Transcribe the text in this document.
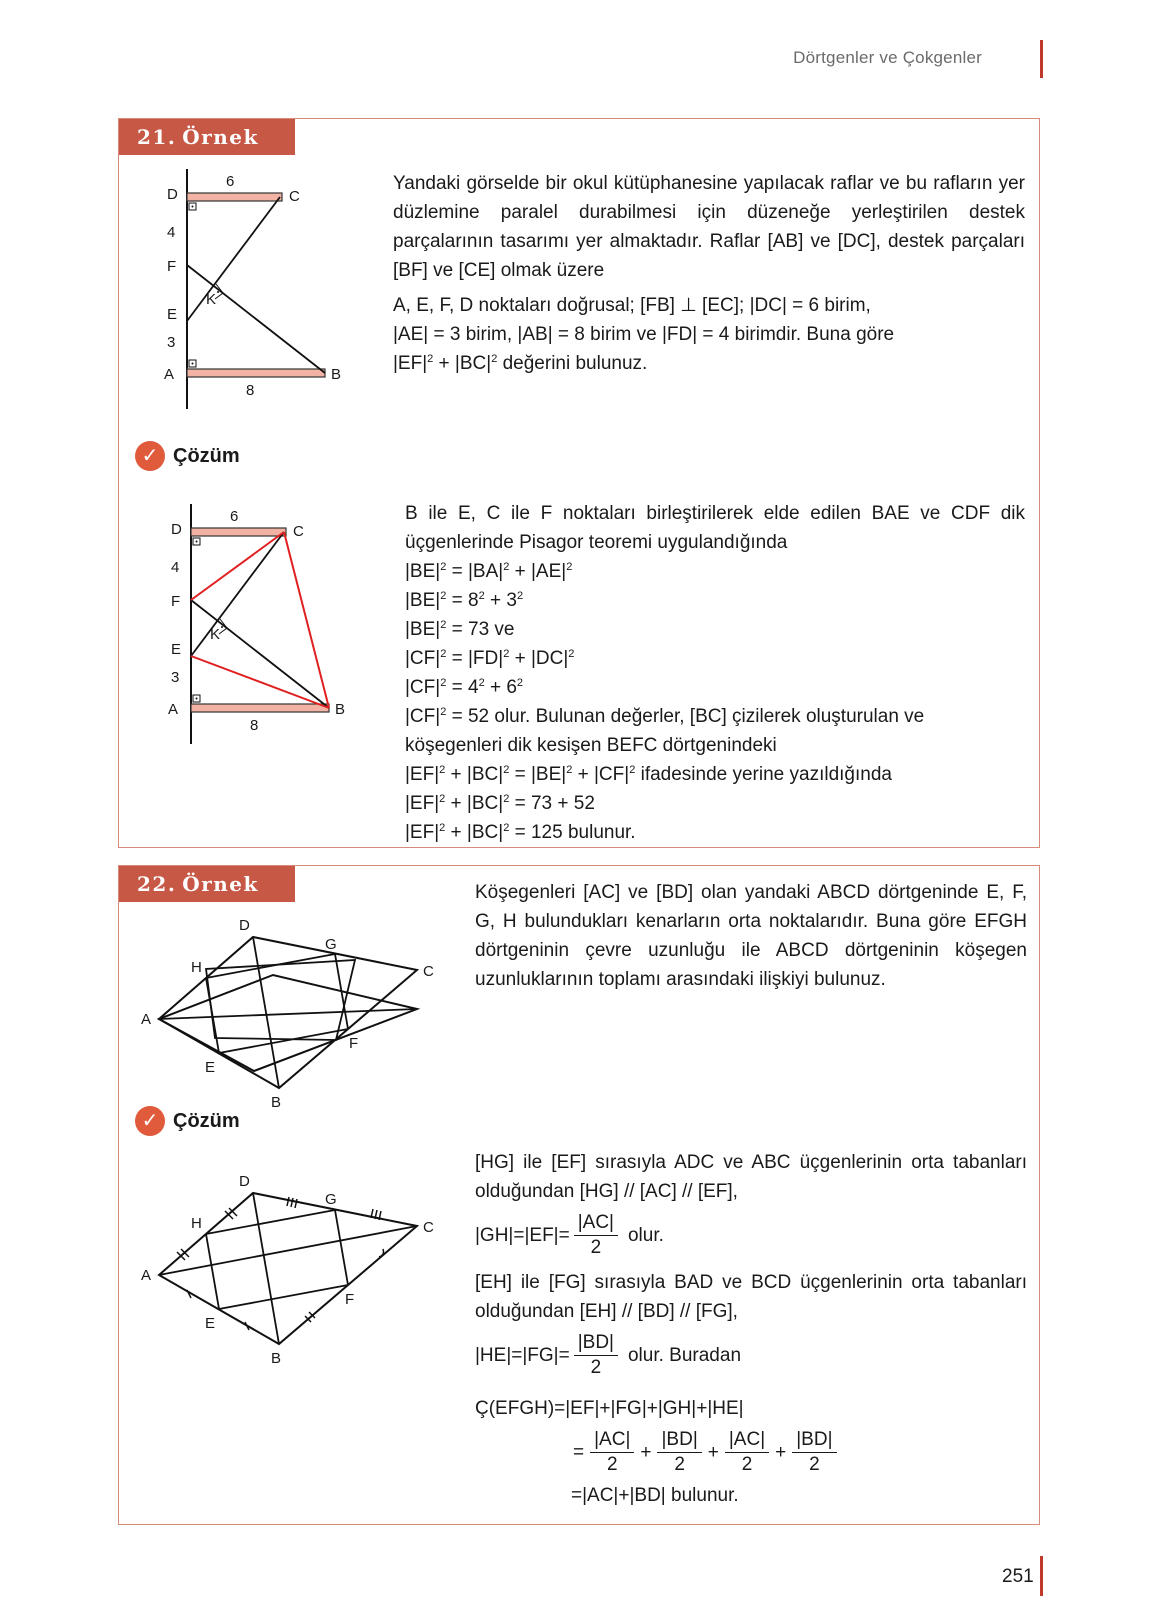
Dörtgenler ve Çokgenler
21. Örnek
D	C
6
4
F
K
E
3
A	B
8

Yandaki görselde bir okul kütüphanesine yapılacak raflar ve bu rafların yer düzlemine paralel durabilmesi için düzeneğe yerleştirilen destek parçalarının tasarımı yer almaktadır. Raflar [AB] ve [DC], destek parçaları [BF] ve [CE] olmak üzere

A, E, F, D noktaları doğrusal; [FB] ⊥ [EC]; |DC| = 6 birim,

|AE| = 3 birim, |AB| = 8 birim ve |FD| = 4 birimdir. Buna göre

$|EF|^2 + |BC|^2$ değerini bulunuz.

✓ Çözüm
D	C
6
4
F
K
E
3
A	B
8

B ile E, C ile F noktaları birleştirilerek elde edilen BAE ve CDF dik üçgenlerinde Pisagor teoremi uygulandığında

$|BE|^2 = |BA|^2 + |AE|^2$

$|BE|^2 = 8^2 + 3^2$

$|BE|^2 = 73$ ve

$|CF|^2 = |FD|^2 + |DC|^2$

$|CF|^2 = 4^2 + 6^2$

$|CF|^2 = 52$ olur. Bulunan değerler, [BC] çizilerek oluşturulan ve

köşegenleri dik kesişen BEFC dörtgenindeki

$|EF|^2 + |BC|^2 = |BE|^2 + |CF|^2$ ifadesinde yerine yazıldığında

$|EF|^2 + |BC|^2 = 73 + 52$

$|EF|^2 + |BC|^2 = 125$ bulunur.

22. Örnek
D
G
H	C
A
F
E
B
Köşegenleri [AC] ve [BD] olan yandaki ABCD dörtgeninde E, F, G, H bulundukları kenarların orta noktalarıdır. Buna göre EFGH dörtgeninin çevre uzunluğu ile ABCD dörtgeninin köşegen uzunluklarının toplamı arasındaki ilişkiyi bulunuz.
✓ Çözüm
D
G
H	C
A
F
E
B

[HG] ile [EF] sırasıyla ADC ve ABC üçgenlerinin orta tabanları olduğundan [HG] // [AC] // [EF],

$|GH|=|EF|= \frac{|AC|}{2}$ olur.

[EH] ile [FG] sırasıyla BAD ve BCD üçgenlerinin orta tabanları olduğundan [EH] // [BD] // [FG],

$|HE|=|FG|= \frac{|BD|}{2}$ olur. Buradan

Ç(EFGH)=|EF|+|FG|+|GH|+|HE|

= $\frac{|AC|}{2} + \frac{|BD|}{2} + \frac{|AC|}{2} + \frac{|BD|}{2}$

=|AC|+|BD| bulunur.

251
